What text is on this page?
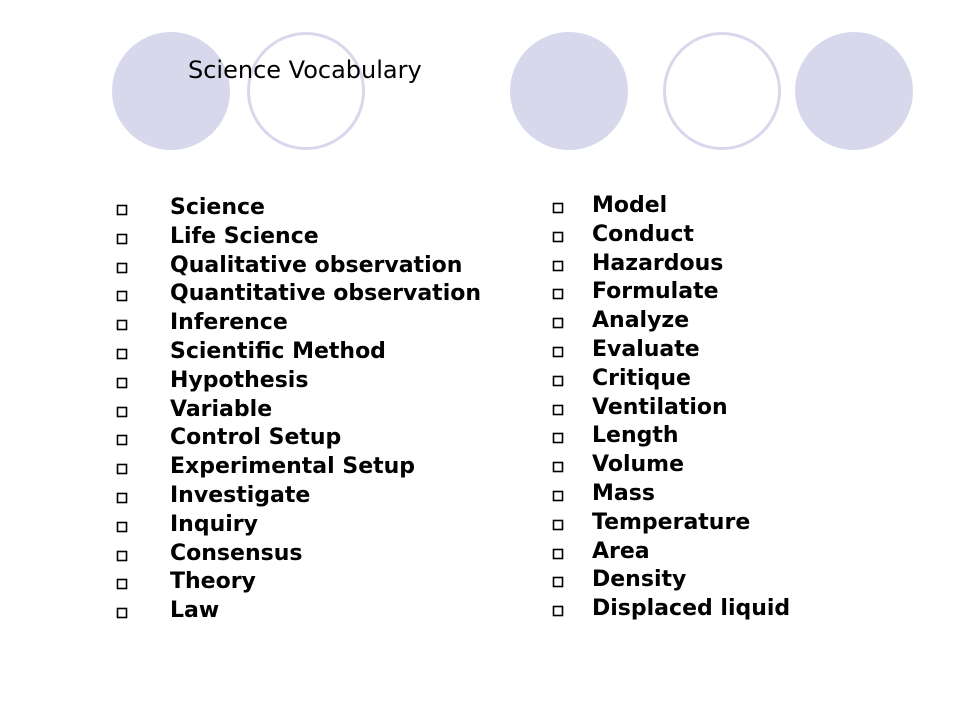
Science Vocabulary
Science
Life Science
Qualitative observation
Quantitative observation
Inference
Scientific Method
Hypothesis
Variable
Control Setup
Experimental Setup
Investigate
Inquiry
Consensus
Theory
Law
Model
Conduct
Hazardous
Formulate
Analyze
Evaluate
Critique
Ventilation
Length
Volume
Mass
Temperature
Area
Density
Displaced liquid
